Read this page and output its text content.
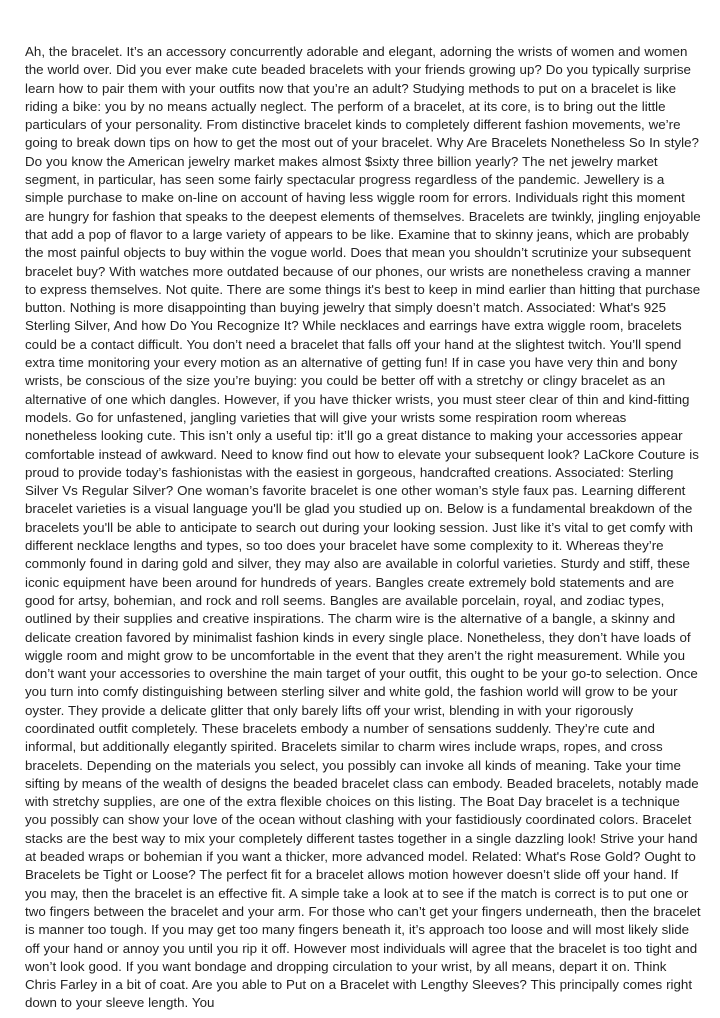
Ah, the bracelet. It’s an accessory concurrently adorable and elegant, adorning the wrists of women and women the world over. Did you ever make cute beaded bracelets with your friends growing up? Do you typically surprise learn how to pair them with your outfits now that you’re an adult? Studying methods to put on a bracelet is like riding a bike: you by no means actually neglect. The perform of a bracelet, at its core, is to bring out the little particulars of your personality. From distinctive bracelet kinds to completely different fashion movements, we’re going to break down tips on how to get the most out of your bracelet. Why Are Bracelets Nonetheless So In style? Do you know the American jewelry market makes almost $sixty three billion yearly? The net jewelry market segment, in particular, has seen some fairly spectacular progress regardless of the pandemic. Jewellery is a simple purchase to make on-line on account of having less wiggle room for errors. Individuals right this moment are hungry for fashion that speaks to the deepest elements of themselves. Bracelets are twinkly, jingling enjoyable that add a pop of flavor to a large variety of appears to be like. Examine that to skinny jeans, which are probably the most painful objects to buy within the vogue world. Does that mean you shouldn’t scrutinize your subsequent bracelet buy? With watches more outdated because of our phones, our wrists are nonetheless craving a manner to express themselves. Not quite. There are some things it's best to keep in mind earlier than hitting that purchase button. Nothing is more disappointing than buying jewelry that simply doesn’t match. Associated: What's 925 Sterling Silver, And how Do You Recognize It? While necklaces and earrings have extra wiggle room, bracelets could be a contact difficult. You don’t need a bracelet that falls off your hand at the slightest twitch. You’ll spend extra time monitoring your every motion as an alternative of getting fun! If in case you have very thin and bony wrists, be conscious of the size you’re buying: you could be better off with a stretchy or clingy bracelet as an alternative of one which dangles. However, if you have thicker wrists, you must steer clear of thin and kind-fitting models. Go for unfastened, jangling varieties that will give your wrists some respiration room whereas nonetheless looking cute. This isn’t only a useful tip: it’ll go a great distance to making your accessories appear comfortable instead of awkward. Need to know find out how to elevate your subsequent look? LaCkore Couture is proud to provide today’s fashionistas with the easiest in gorgeous, handcrafted creations. Associated: Sterling Silver Vs Regular Silver? One woman’s favorite bracelet is one other woman’s style faux pas. Learning different bracelet varieties is a visual language you'll be glad you studied up on. Below is a fundamental breakdown of the bracelets you'll be able to anticipate to search out during your looking session. Just like it’s vital to get comfy with different necklace lengths and types, so too does your bracelet have some complexity to it. Whereas they’re commonly found in daring gold and silver, they may also are available in colorful varieties. Sturdy and stiff, these iconic equipment have been around for hundreds of years. Bangles create extremely bold statements and are good for artsy, bohemian, and rock and roll seems. Bangles are available porcelain, royal, and zodiac types, outlined by their supplies and creative inspirations. The charm wire is the alternative of a bangle, a skinny and delicate creation favored by minimalist fashion kinds in every single place. Nonetheless, they don’t have loads of wiggle room and might grow to be uncomfortable in the event that they aren’t the right measurement. While you don’t want your accessories to overshine the main target of your outfit, this ought to be your go-to selection. Once you turn into comfy distinguishing between sterling silver and white gold, the fashion world will grow to be your oyster. They provide a delicate glitter that only barely lifts off your wrist, blending in with your rigorously coordinated outfit completely. These bracelets embody a number of sensations suddenly. They’re cute and informal, but additionally elegantly spirited. Bracelets similar to charm wires include wraps, ropes, and cross bracelets. Depending on the materials you select, you possibly can invoke all kinds of meaning. Take your time sifting by means of the wealth of designs the beaded bracelet class can embody. Beaded bracelets, notably made with stretchy supplies, are one of the extra flexible choices on this listing. The Boat Day bracelet is a technique you possibly can show your love of the ocean without clashing with your fastidiously coordinated colors. Bracelet stacks are the best way to mix your completely different tastes together in a single dazzling look! Strive your hand at beaded wraps or bohemian if you want a thicker, more advanced model. Related: What's Rose Gold? Ought to Bracelets be Tight or Loose? The perfect fit for a bracelet allows motion however doesn’t slide off your hand. If you may, then the bracelet is an effective fit. A simple take a look at to see if the match is correct is to put one or two fingers between the bracelet and your arm. For those who can’t get your fingers underneath, then the bracelet is manner too tough. If you may get too many fingers beneath it, it’s approach too loose and will most likely slide off your hand or annoy you until you rip it off. However most individuals will agree that the bracelet is too tight and won’t look good. If you want bondage and dropping circulation to your wrist, by all means, depart it on. Think Chris Farley in a bit of coat. Are you able to Put on a Bracelet with Lengthy Sleeves? This principally comes right down to your sleeve length. You
